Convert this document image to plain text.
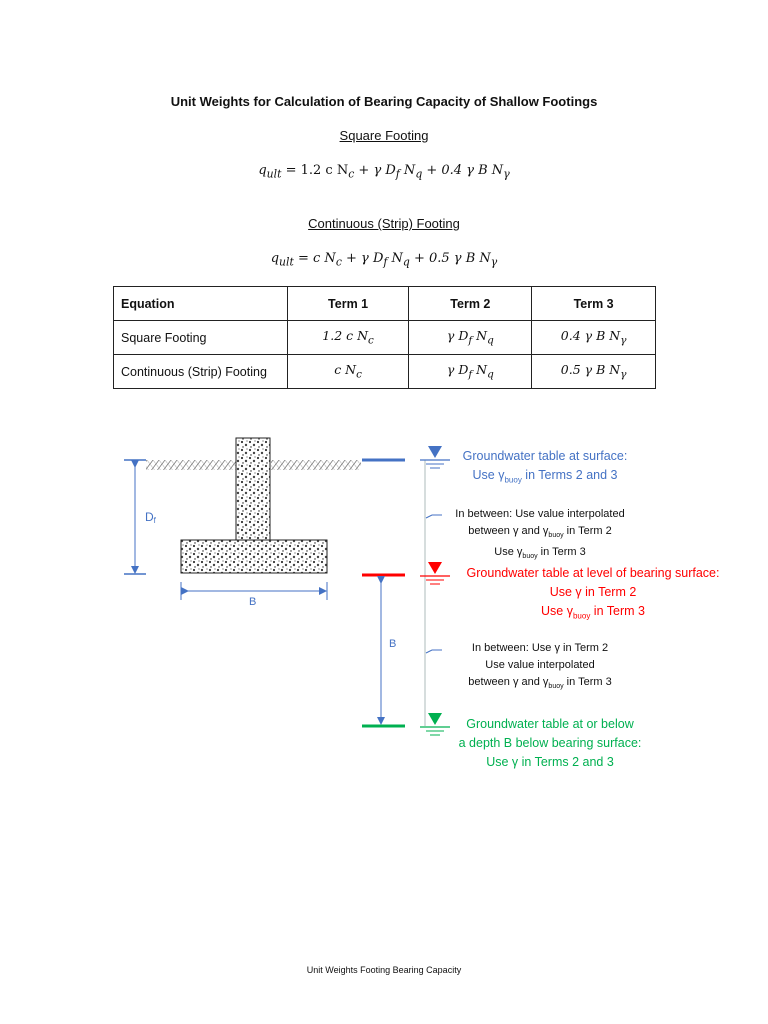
Unit Weights for Calculation of Bearing Capacity of Shallow Footings
Square Footing
$q_{ult} = 1.2$ c $N_c + \gamma$ $D_f$ $N_q + 0.4$ γ B $N_\gamma$
Continuous (Strip) Footing
$q_{ult} = c$ $N_c + \gamma$ $D_f$ $N_q + 0.5$ γ B $N_\gamma$
Equation	Term 1	Term 2	Term 3
Square Footing	1.2 c $N_c$	γ $D_f$ $N_q$	0.4 γ B $N_\gamma$
Continuous (Strip) Footing	c $N_c$	γ $D_f$ $N_q$	0.5 γ B $N_\gamma$
Df
B
B
Groundwater table at surface:
Use $\gamma_{buoy}$ in Terms 2 and 3
In between: Use value interpolated
between γ and $\gamma_{buoy}$ in Term 2
Use $\gamma_{buoy}$ in Term 3
Groundwater table at level of bearing surface:
Use γ in Term 2
Use $\gamma_{buoy}$ in Term 3
In between: Use γ in Term 2
Use value interpolated
between γ and $\gamma_{buoy}$ in Term 3
Groundwater table at or below
a depth B below bearing surface:
Use γ in Terms 2 and 3
Unit Weights Footing Bearing Capacity
